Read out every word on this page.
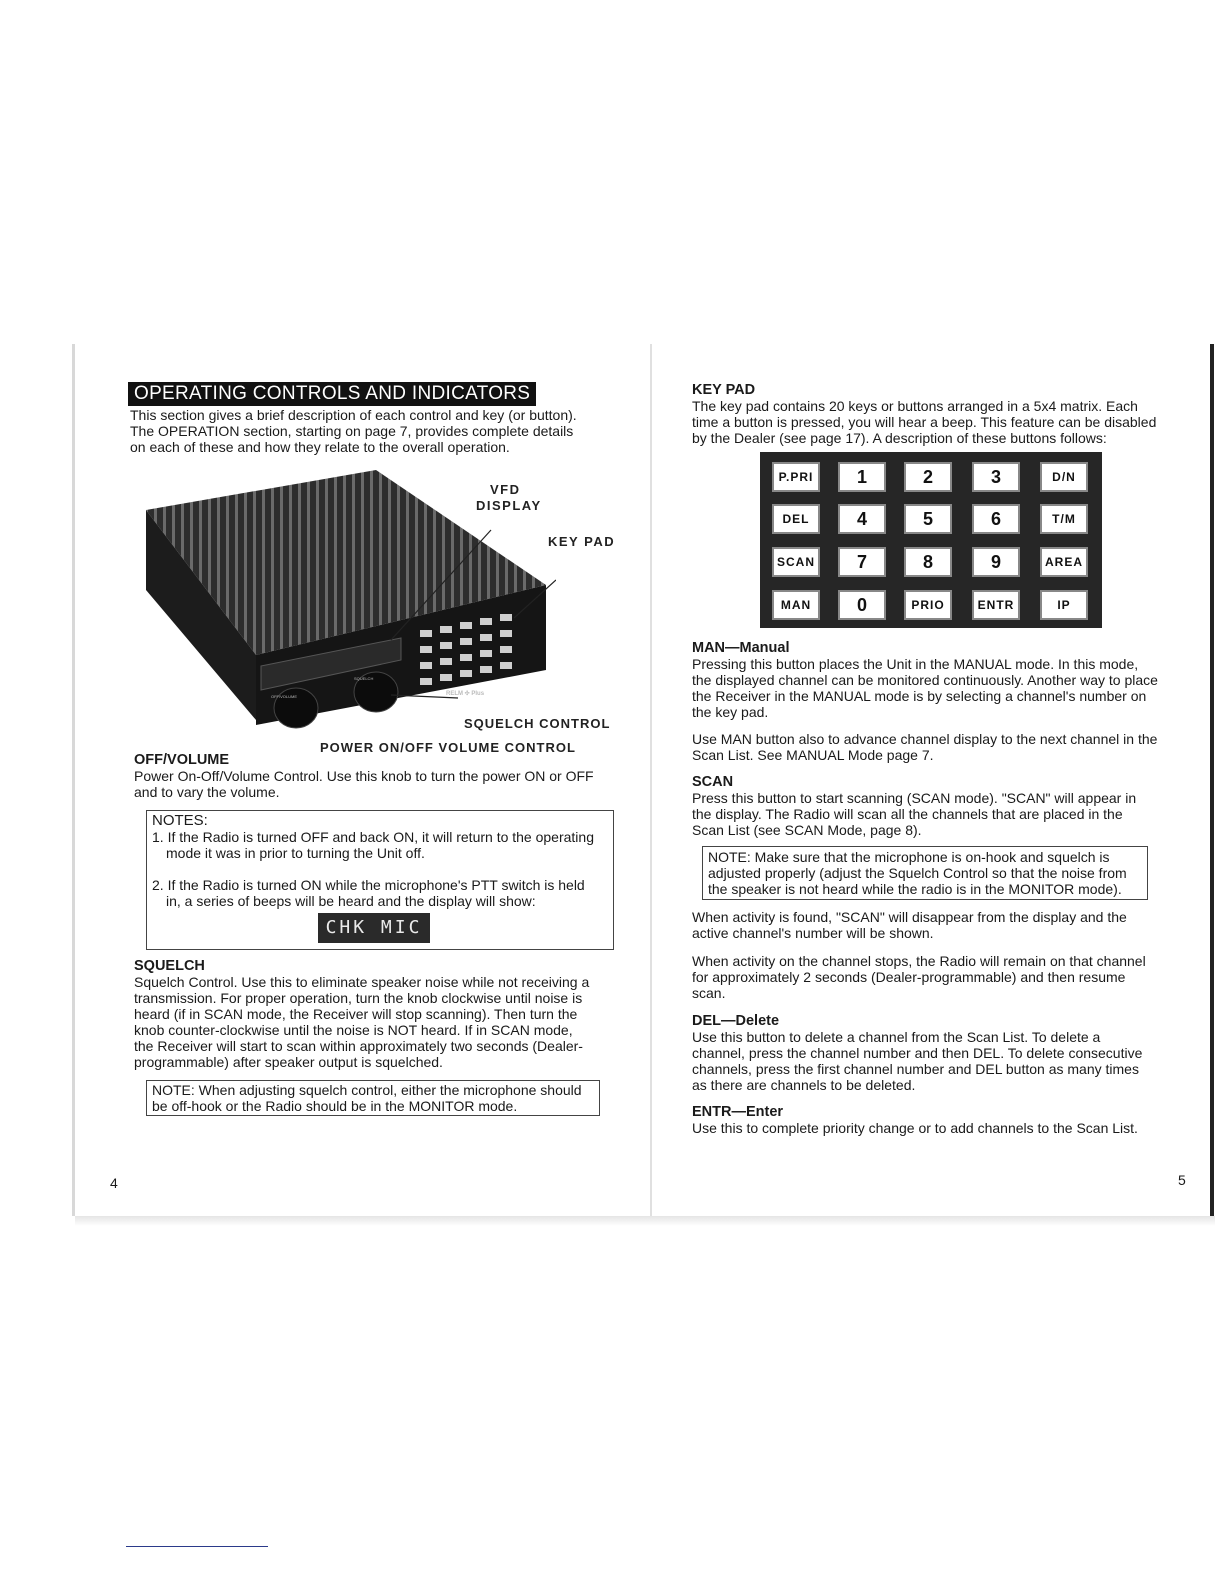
OPERATING CONTROLS AND INDICATORS
This section gives a brief description of each control and key (or button).
The OPERATION section, starting on page 7, provides complete details
on each of these and how they relate to the overall operation.
OFF/VOLUME
SQUELCH
RELM ✣ Plus
VFD
DISPLAY
KEY PAD
SQUELCH CONTROL
POWER ON/OFF VOLUME CONTROL
OFF/VOLUME
Power On-Off/Volume Control. Use this knob to turn the power ON or OFF
and to vary the volume.
NOTES:
1. If the Radio is turned OFF and back ON, it will return to the operating
mode it was in prior to turning the Unit off.
2. If the Radio is turned ON while the microphone's PTT switch is held
in, a series of beeps will be heard and the display will show:
CHK MIC
SQUELCH
Squelch Control. Use this to eliminate speaker noise while not receiving a
transmission. For proper operation, turn the knob clockwise until noise is
heard (if in SCAN mode, the Receiver will stop scanning). Then turn the
knob counter-clockwise until the noise is NOT heard. If in SCAN mode,
the Receiver will start to scan within approximately two seconds (Dealer-
programmable) after speaker output is squelched.
NOTE: When adjusting squelch control, either the microphone should
be off-hook or the Radio should be in the MONITOR mode.
4
KEY PAD
The key pad contains 20 keys or buttons arranged in a 5x4 matrix. Each
time a button is pressed, you will hear a beep. This feature can be disabled
by the Dealer (see page 17). A description of these buttons follows:
P.PRI	1	2	3	D/N
DEL	4	5	6	T/M
SCAN	7	8	9	AREA
MAN	0	PRIO	ENTR	IP
MAN—Manual
Pressing this button places the Unit in the MANUAL mode. In this mode,
the displayed channel can be monitored continuously. Another way to place
the Receiver in the MANUAL mode is by selecting a channel's number on
the key pad.
Use MAN button also to advance channel display to the next channel in the
Scan List. See MANUAL Mode page 7.
SCAN
Press this button to start scanning (SCAN mode). "SCAN" will appear in
the display. The Radio will scan all the channels that are placed in the
Scan List (see SCAN Mode, page 8).
NOTE: Make sure that the microphone is on-hook and squelch is
adjusted properly (adjust the Squelch Control so that the noise from
the speaker is not heard while the radio is in the MONITOR mode).
When activity is found, "SCAN" will disappear from the display and the
active channel's number will be shown.
When activity on the channel stops, the Radio will remain on that channel
for approximately 2 seconds (Dealer-programmable) and then resume
scan.
DEL—Delete
Use this button to delete a channel from the Scan List. To delete a
channel, press the channel number and then DEL. To delete consecutive
channels, press the first channel number and DEL button as many times
as there are channels to be deleted.
ENTR—Enter
Use this to complete priority change or to add channels to the Scan List.
5
